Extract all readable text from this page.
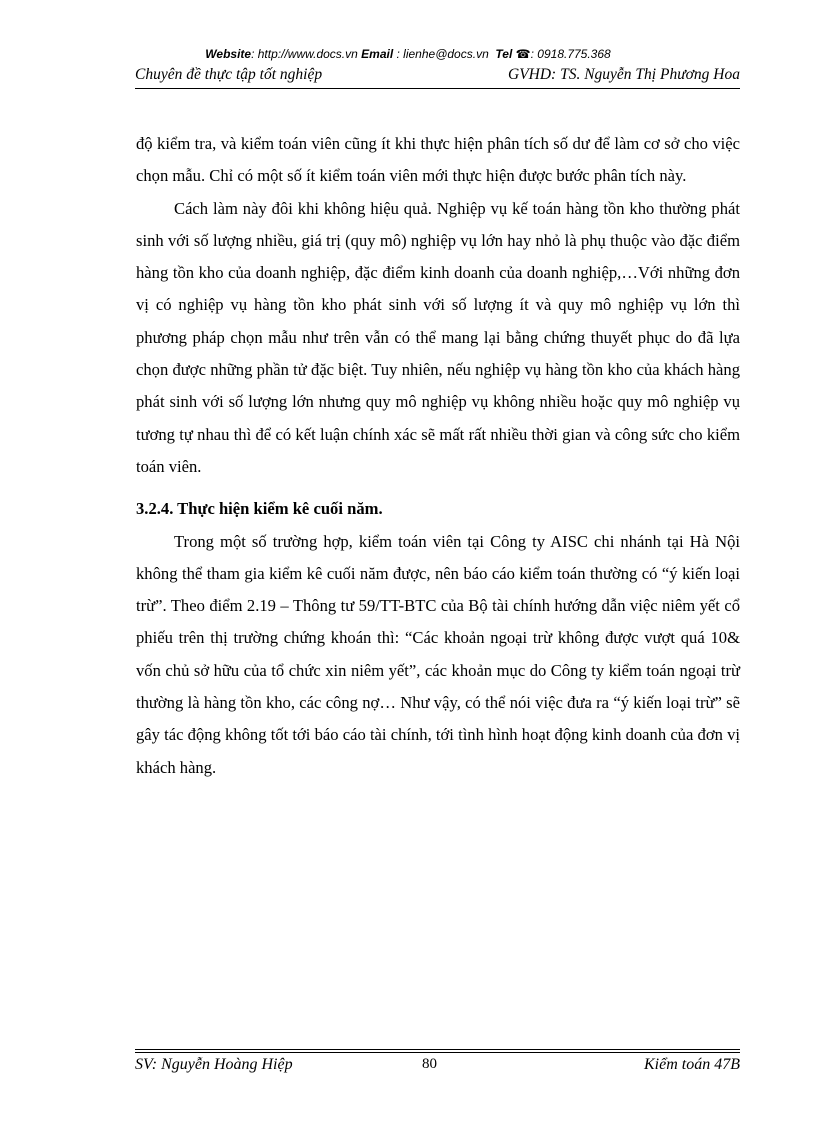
Website: http://www.docs.vn Email : lienhe@docs.vn Tel ☎: 0918.775.368
Chuyên đề thực tập tốt nghiệp	GVHD: TS. Nguyễn Thị Phương Hoa

độ kiểm tra, và kiểm toán viên cũng ít khi thực hiện phân tích số dư để làm cơ sở cho việc chọn mẫu. Chỉ có một số ít kiểm toán viên mới thực hiện được bước phân tích này.

Cách làm này đôi khi không hiệu quả. Nghiệp vụ kế toán hàng tồn kho thường phát sinh với số lượng nhiều, giá trị (quy mô) nghiệp vụ lớn hay nhỏ là phụ thuộc vào đặc điểm hàng tồn kho của doanh nghiệp, đặc điểm kinh doanh của doanh nghiệp,…Với những đơn vị có nghiệp vụ hàng tồn kho phát sinh với số lượng ít và quy mô nghiệp vụ lớn thì phương pháp chọn mẫu như trên vẫn có thể mang lại bằng chứng thuyết phục do đã lựa chọn được những phần tử đặc biệt. Tuy nhiên, nếu nghiệp vụ hàng tồn kho của khách hàng phát sinh với số lượng lớn nhưng quy mô nghiệp vụ không nhiều hoặc quy mô nghiệp vụ tương tự nhau thì để có kết luận chính xác sẽ mất rất nhiều thời gian và công sức cho kiểm toán viên.

3.2.4. Thực hiện kiểm kê cuối năm.

Trong một số trường hợp, kiểm toán viên tại Công ty AISC chi nhánh tại Hà Nội không thể tham gia kiểm kê cuối năm được, nên báo cáo kiểm toán thường có “ý kiến loại trừ”. Theo điểm 2.19 – Thông tư 59/TT-BTC của Bộ tài chính hướng dẫn việc niêm yết cổ phiếu trên thị trường chứng khoán thì: “Các khoản ngoại trừ không được vượt quá 10& vốn chủ sở hữu của tổ chức xin niêm yết”, các khoản mục do Công ty kiểm toán ngoại trừ thường là hàng tồn kho, các công nợ… Như vậy, có thể nói việc đưa ra “ý kiến loại trừ” sẽ gây tác động không tốt tới báo cáo tài chính, tới tình hình hoạt động kinh doanh của đơn vị khách hàng.

SV: Nguyễn Hoàng Hiệp	80	Kiểm toán 47B
